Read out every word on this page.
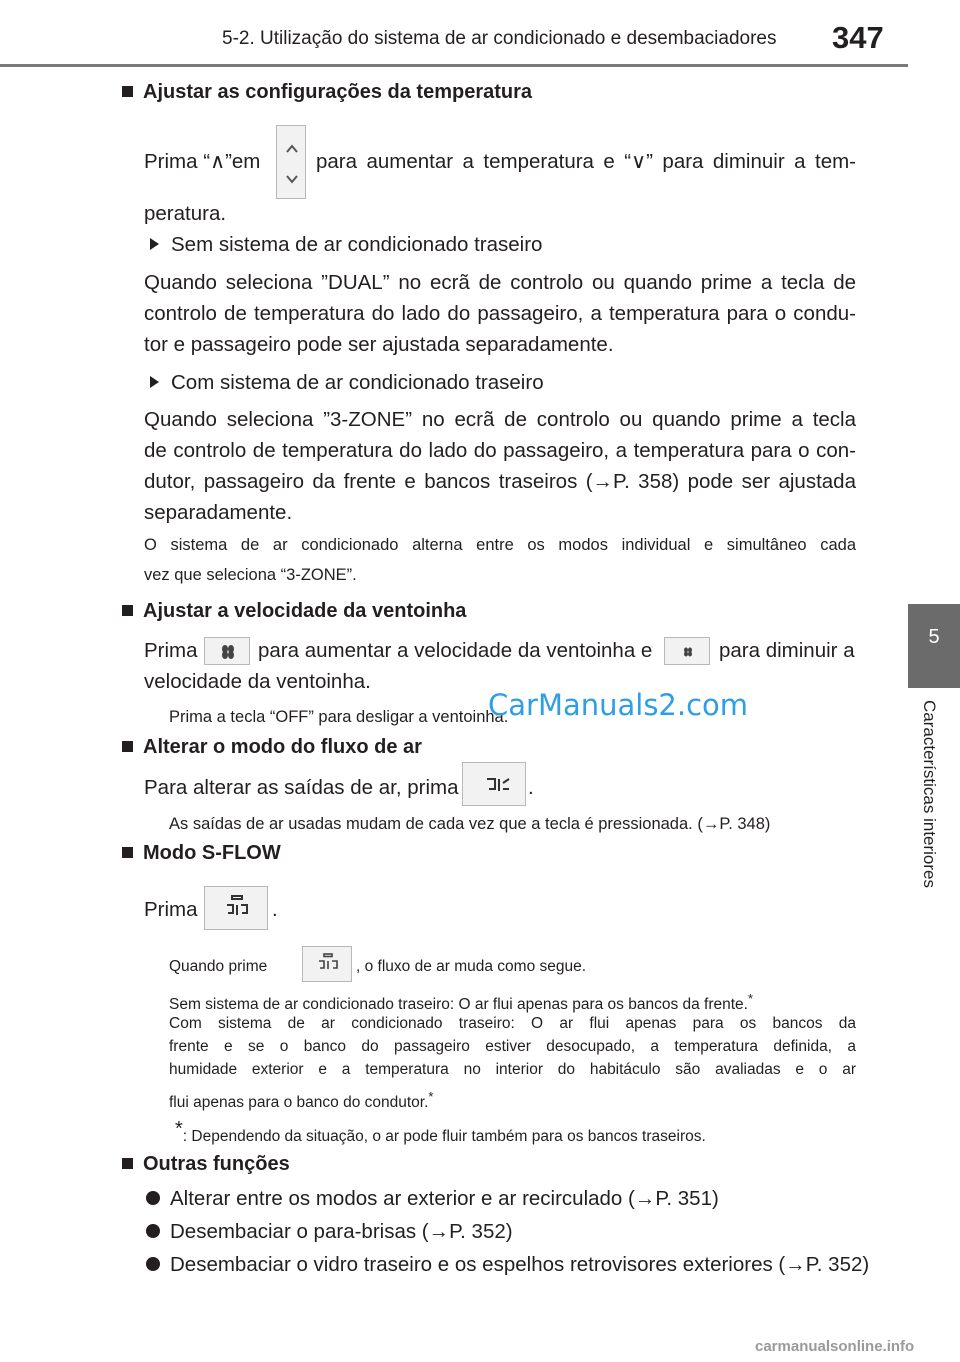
5-2. Utilização do sistema de ar condicionado e desembaciadores 347
5
Características interiores
Ajustar as configurações da temperatura
Prima “∧”em	para aumentar a temperatura e “∨” para diminuir a tem-
peratura.
Sem sistema de ar condicionado traseiro
Quando seleciona ”DUAL” no ecrã de controlo ou quando prime a tecla de
controlo de temperatura do lado do passageiro, a temperatura para o condu-
tor e passageiro pode ser ajustada separadamente.
Com sistema de ar condicionado traseiro
Quando seleciona ”3-ZONE” no ecrã de controlo ou quando prime a tecla
de controlo de temperatura do lado do passageiro, a temperatura para o con-
dutor, passageiro da frente e bancos traseiros (→P. 358) pode ser ajustada
separadamente.
O sistema de ar condicionado alterna entre os modos individual e simultâneo cada
vez que seleciona “3-ZONE”.
Ajustar a velocidade da ventoinha
Prima	para aumentar a velocidade da ventoinha e	para diminuir a
velocidade da ventoinha.
Prima a tecla “OFF” para desligar a ventoinha.
CarManuals2.com
Alterar o modo do fluxo de ar
Para alterar as saídas de ar, prima	.
As saídas de ar usadas mudam de cada vez que a tecla é pressionada. (→P. 348)
Modo S-FLOW
Prima	.
Quando prime	, o fluxo de ar muda como segue.
Sem sistema de ar condicionado traseiro: O ar flui apenas para os bancos da frente.*
Com sistema de ar condicionado traseiro: O ar flui apenas para os bancos da
frente e se o banco do passageiro estiver desocupado, a temperatura definida, a
humidade exterior e a temperatura no interior do habitáculo são avaliadas e o ar
flui apenas para o banco do condutor.*
*: Dependendo da situação, o ar pode fluir também para os bancos traseiros.
Outras funções
Alterar entre os modos ar exterior e ar recirculado (→P. 351)
Desembaciar o para-brisas (→P. 352)
Desembaciar o vidro traseiro e os espelhos retrovisores exteriores (→P. 352)
carmanualsonline.info
